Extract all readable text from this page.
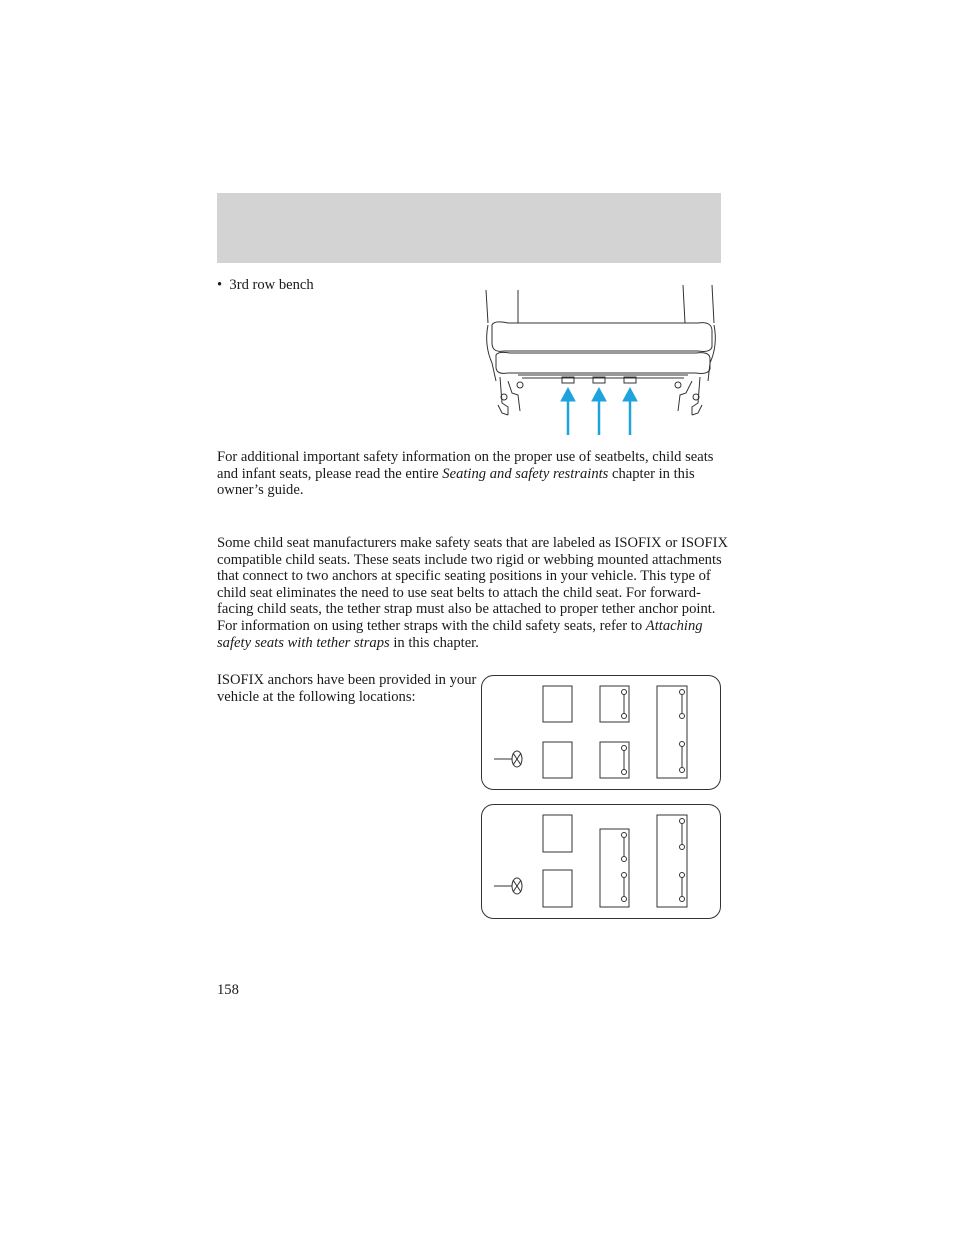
• 3rd row bench
For additional important safety information on the proper use of seatbelts, child seats and infant seats, please read the entire Seating and safety restraints chapter in this owner’s guide.
Some child seat manufacturers make safety seats that are labeled as ISOFIX or ISOFIX compatible child seats. These seats include two rigid or webbing mounted attachments that connect to two anchors at specific seating positions in your vehicle. This type of child seat eliminates the need to use seat belts to attach the child seat. For forward-facing child seats, the tether strap must also be attached to proper tether anchor point. For information on using tether straps with the child safety seats, refer to Attaching safety seats with tether straps in this chapter.
ISOFIX anchors have been provided in your vehicle at the following locations:
158
